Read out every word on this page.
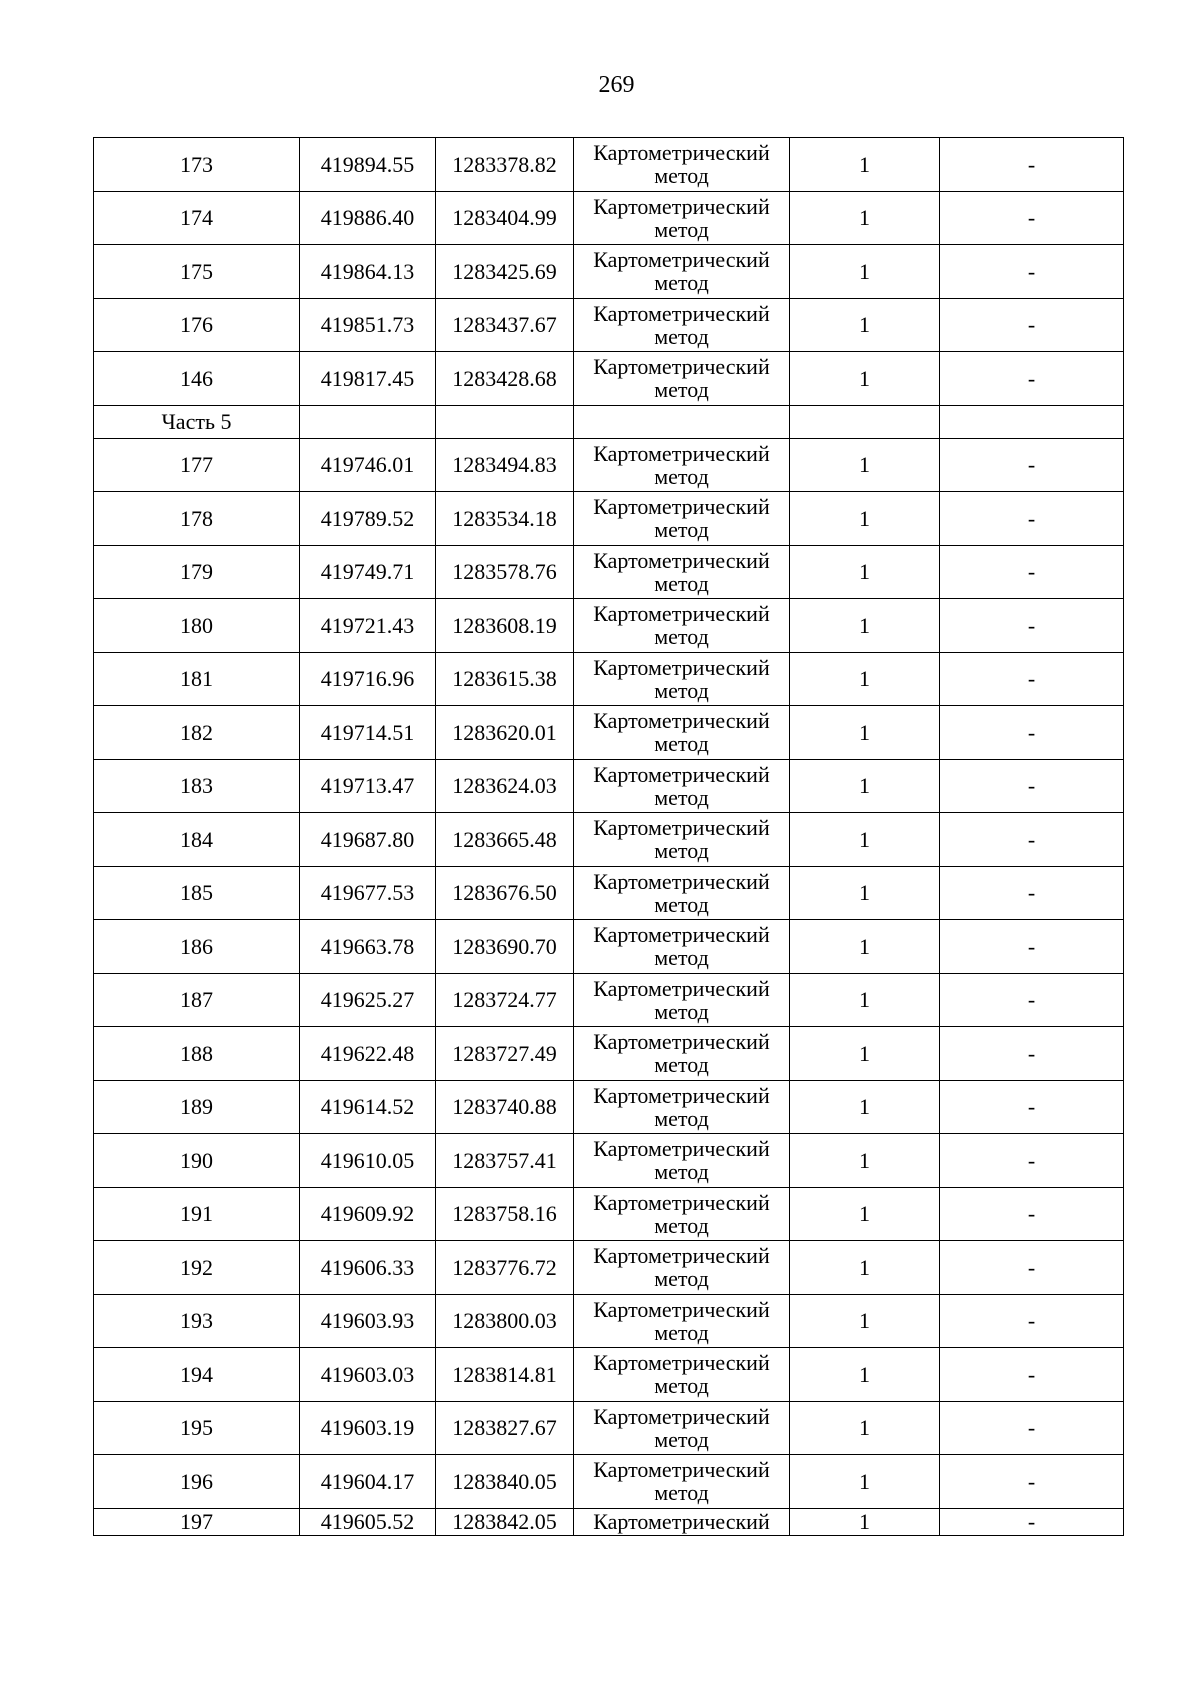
269
173	419894.55	1283378.82	Картометрический метод	1	-
174	419886.40	1283404.99	Картометрический метод	1	-
175	419864.13	1283425.69	Картометрический метод	1	-
176	419851.73	1283437.67	Картометрический метод	1	-
146	419817.45	1283428.68	Картометрический метод	1	-
Часть 5					
177	419746.01	1283494.83	Картометрический метод	1	-
178	419789.52	1283534.18	Картометрический метод	1	-
179	419749.71	1283578.76	Картометрический метод	1	-
180	419721.43	1283608.19	Картометрический метод	1	-
181	419716.96	1283615.38	Картометрический метод	1	-
182	419714.51	1283620.01	Картометрический метод	1	-
183	419713.47	1283624.03	Картометрический метод	1	-
184	419687.80	1283665.48	Картометрический метод	1	-
185	419677.53	1283676.50	Картометрический метод	1	-
186	419663.78	1283690.70	Картометрический метод	1	-
187	419625.27	1283724.77	Картометрический метод	1	-
188	419622.48	1283727.49	Картометрический метод	1	-
189	419614.52	1283740.88	Картометрический метод	1	-
190	419610.05	1283757.41	Картометрический метод	1	-
191	419609.92	1283758.16	Картометрический метод	1	-
192	419606.33	1283776.72	Картометрический метод	1	-
193	419603.93	1283800.03	Картометрический метод	1	-
194	419603.03	1283814.81	Картометрический метод	1	-
195	419603.19	1283827.67	Картометрический метод	1	-
196	419604.17	1283840.05	Картометрический метод	1	-
197	419605.52	1283842.05	Картометрический	1	-
